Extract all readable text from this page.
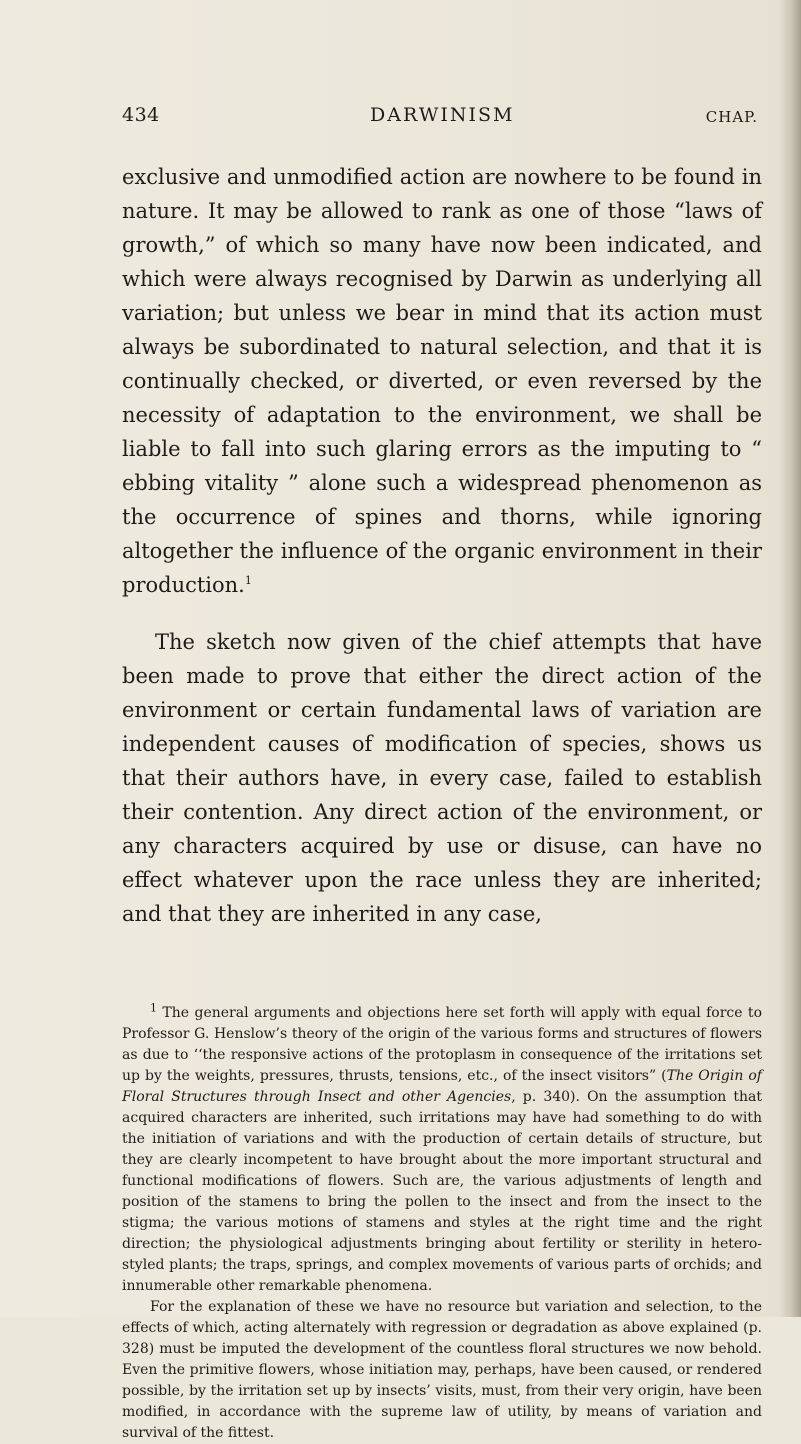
434	DARWINISM	CHAP.

exclusive and unmodified action are nowhere to be found in nature. It may be allowed to rank as one of those “laws of growth,” of which so many have now been indicated, and which were always recognised by Darwin as underlying all variation; but unless we bear in mind that its action must always be subordinated to natural selection, and that it is continually checked, or diverted, or even reversed by the necessity of adaptation to the environment, we shall be liable to fall into such glaring errors as the imputing to “ ebbing vitality ” alone such a widespread phenomenon as the occurrence of spines and thorns, while ignoring altogether the influence of the organic environment in their production.$^1$

The sketch now given of the chief attempts that have been made to prove that either the direct action of the environment or certain fundamental laws of variation are independent causes of modification of species, shows us that their authors have, in every case, failed to establish their contention. Any direct action of the environment, or any characters acquired by use or disuse, can have no effect whatever upon the race unless they are inherited; and that they are inherited in any case,

$^1$ The general arguments and objections here set forth will apply with equal force to Professor G. Henslow’s theory of the origin of the various forms and structures of flowers as due to ‘‘the responsive actions of the protoplasm in consequence of the irritations set up by the weights, pressures, thrusts, tensions, etc., of the insect visitors” (The Origin of Floral Structures through Insect and other Agencies, p. 340). On the assumption that acquired characters are inherited, such irritations may have had something to do with the initiation of variations and with the production of certain details of structure, but they are clearly incompetent to have brought about the more important structural and functional modifications of flowers. Such are, the various adjustments of length and position of the stamens to bring the pollen to the insect and from the insect to the stigma; the various motions of stamens and styles at the right time and the right direction; the physiological adjustments bringing about fertility or sterility in hetero-styled plants; the traps, springs, and complex movements of various parts of orchids; and innumerable other remarkable phenomena.

For the explanation of these we have no resource but variation and selection, to the effects of which, acting alternately with regression or degradation as above explained (p. 328) must be imputed the development of the countless floral structures we now behold. Even the primitive flowers, whose initiation may, perhaps, have been caused, or rendered possible, by the irritation set up by insects’ visits, must, from their very origin, have been modified, in accordance with the supreme law of utility, by means of variation and survival of the fittest.
